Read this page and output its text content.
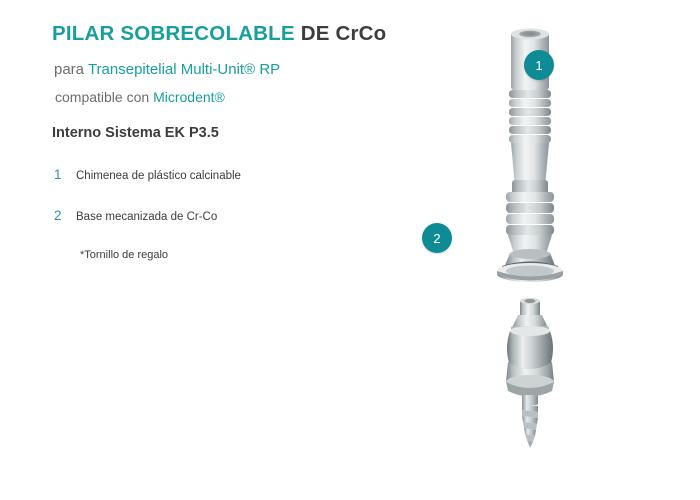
PILAR SOBRECOLABLE DE CrCo

para Transepitelial Multi-Unit® RP

compatible con Microdent®

Interno Sistema EK P3.5

1	Chimenea de plástico calcinable
2	Base mecanizada de Cr-Co

*Tornillo de regalo

1
2
